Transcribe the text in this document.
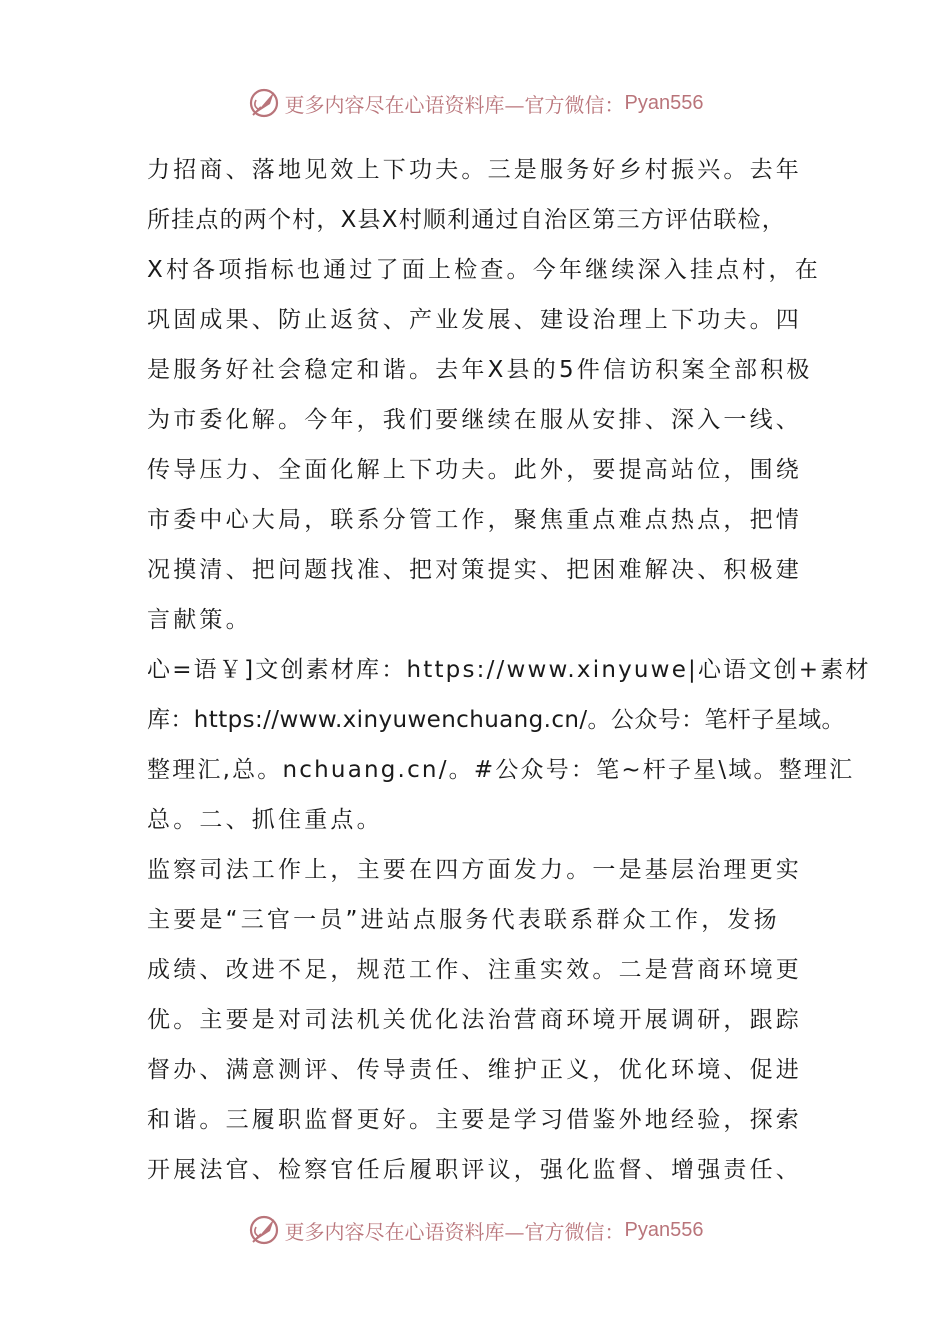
更多内容尽在心语资料库—官方微信： Pyan556
力招商、落地见效上下功夫。三是服务好乡村振兴。去年
所挂点的两个村，X县X村顺利通过自治区第三方评估联检，
X村各项指标也通过了面上检查。今年继续深入挂点村，在
巩固成果、防止返贫、产业发展、建设治理上下功夫。四
是服务好社会稳定和谐。去年X县的5件信访积案全部积极
为市委化解。今年，我们要继续在服从安排、深入一线、
传导压力、全面化解上下功夫。此外，要提高站位，围绕
市委中心大局，联系分管工作，聚焦重点难点热点，把情
况摸清、把问题找准、把对策提实、把困难解决、积极建
言献策。
心=语￥]文创素材库：https://www.xinyuwe|心语文创+素材
库：https://www.xinyuwenchuang.cn/。公众号：笔杆子星域。
整理汇,总。nchuang.cn/。#公众号：笔~杆子星\域。整理汇
总。二、抓住重点。
监察司法工作上，主要在四方面发力。一是基层治理更实
主要是“三官一员”进站点服务代表联系群众工作，发扬
成绩、改进不足，规范工作、注重实效。二是营商环境更
优。主要是对司法机关优化法治营商环境开展调研，跟踪
督办、满意测评、传导责任、维护正义，优化环境、促进
和谐。三履职监督更好。主要是学习借鉴外地经验，探索
开展法官、检察官任后履职评议，强化监督、增强责任、
更多内容尽在心语资料库—官方微信： Pyan556
